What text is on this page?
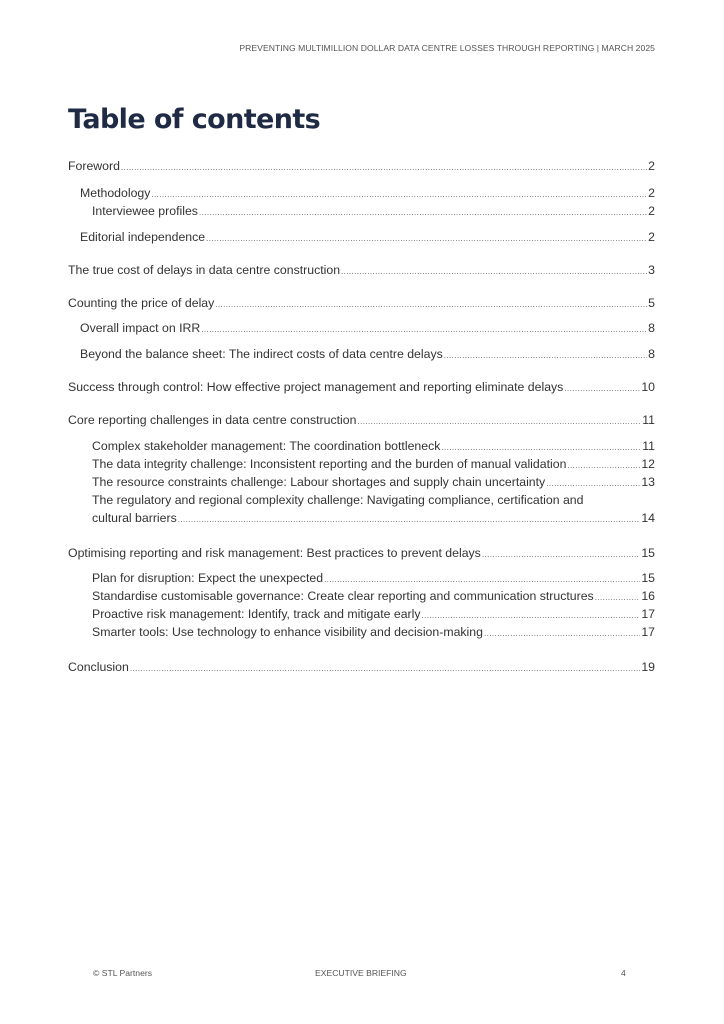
PREVENTING MULTIMILLION DOLLAR DATA CENTRE LOSSES THROUGH REPORTING | MARCH 2025
Table of contents
Foreword .....	2
Methodology .....	2
Interviewee profiles .....	2
Editorial independence .....	2
The true cost of delays in data centre construction .....	3
Counting the price of delay .....	5
Overall impact on IRR .....	8
Beyond the balance sheet: The indirect costs of data centre delays .....	8
Success through control: How effective project management and reporting eliminate delays .....	10
Core reporting challenges in data centre construction .....	11
Complex stakeholder management: The coordination bottleneck .....	11
The data integrity challenge: Inconsistent reporting and the burden of manual validation .....	12
The resource constraints challenge: Labour shortages and supply chain uncertainty .....	13
The regulatory and regional complexity challenge: Navigating compliance, certification and
cultural barriers .....	14
Optimising reporting and risk management: Best practices to prevent delays .....	15
Plan for disruption: Expect the unexpected .....	15
Standardise customisable governance: Create clear reporting and communication structures .....	16
Proactive risk management: Identify, track and mitigate early .....	17
Smarter tools: Use technology to enhance visibility and decision-making .....	17
Conclusion .....	19
© STL Partners	EXECUTIVE BRIEFING	4
